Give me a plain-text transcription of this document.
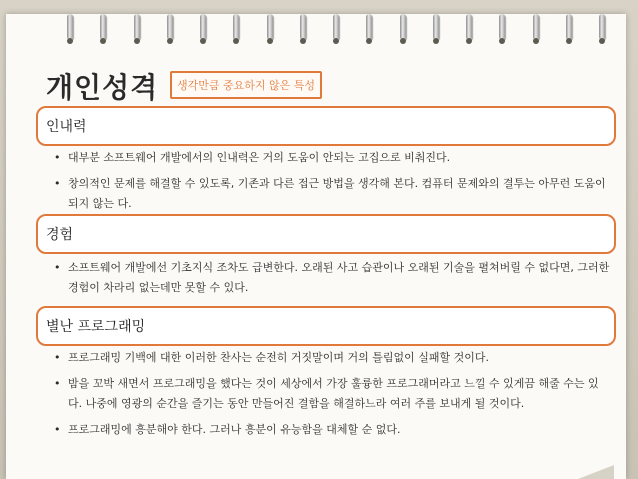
개인성격 생각만큼 중요하지 않은 특성
인내력
• 대부분 소프트웨어 개발에서의 인내력은 거의 도움이 안되는 고집으로 비춰진다.
• 창의적인 문제를 해결할 수 있도록, 기존과 다른 접근 방법을 생각해 본다. 컴퓨터 문제와의 결투는 아무런 도움이 되지 않는 다.
경험
• 소프트웨어 개발에선 기초지식 조차도 급변한다. 오래된 사고 습관이나 오래된 기술을 펼쳐버릴 수 없다면, 그러한 경험이 차라리 없는데만 못할 수 있다.
별난 프로그래밍
• 프로그래밍 기백에 대한 이러한 찬사는 순전히 거짓말이며 거의 틀림없이 실패할 것이다.
• 밤을 꼬박 새면서 프로그래밍을 했다는 것이 세상에서 가장 훌륭한 프로그래머라고 느낄 수 있게끔 해줄 수는 있다. 나중에 영광의 순간을 즐기는 동안 만들어진 결함을 해결하느라 여러 주를 보내게 될 것이다.
• 프로그래밍에 흥분해야 한다. 그러나 흥분이 유능함을 대체할 순 없다.
